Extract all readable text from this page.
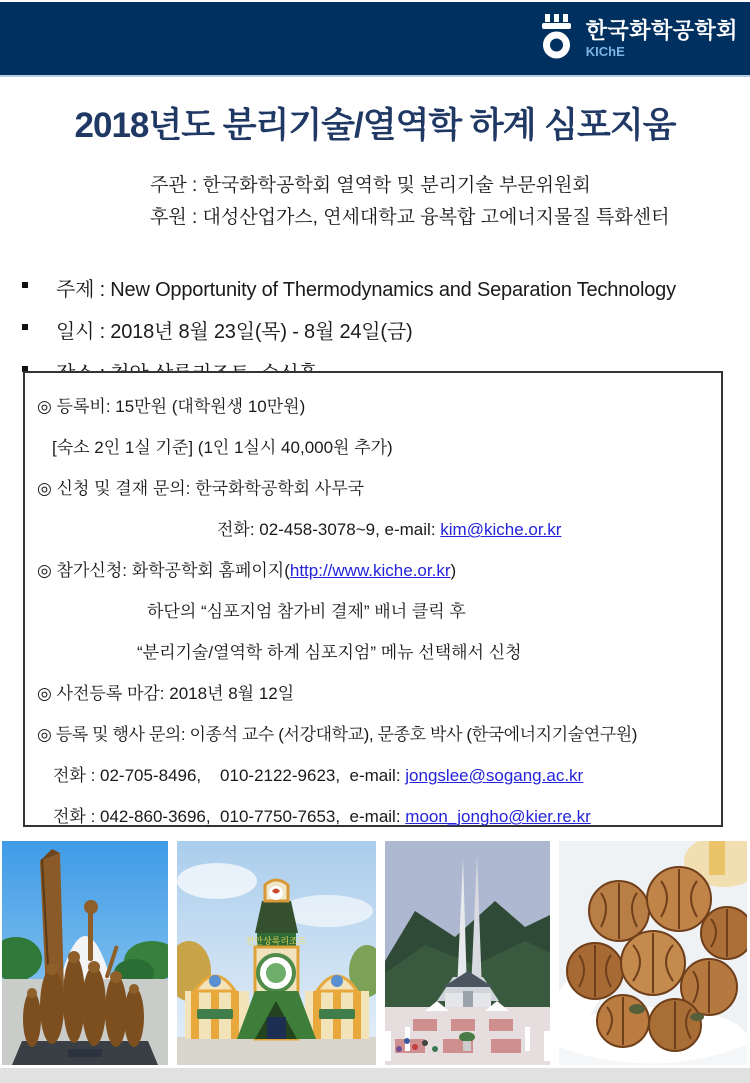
한국화학공학회
KIChE
2018년도 분리기술/열역학 하계 심포지움
주관 : 한국화학공학회 열역학 및 분리기술 부문위원회
후원 : 대성산업가스, 연세대학교 융복합 고에너지물질 특화센터
주제 : New Opportunity of Thermodynamics and Separation Technology
일시 : 2018년 8월 23일(목) - 8월 24일(금)

◎ 등록비: 15만원 (대학원생 10만원)

[숙소 2인 1실 기준] (1인 1실시 40,000원 추가)

◎ 신청 및 결재 문의: 한국화학공학회 사무국

전화: 02-458-3078~9, e-mail: kim@kiche.or.kr

◎ 참가신청: 화학공학회 홈페이지(http://www.kiche.or.kr)

하단의 “심포지엄 참가비 결제” 배너 클릭 후

“분리기술/열역학 하계 심포지엄” 메뉴 선택해서 신청

◎ 사전등록 마감: 2018년 8월 12일

◎ 등록 및 행사 문의: 이종석 교수 (서강대학교), 문종호 박사 (한국에너지기술연구원)

전화 : 02-705-8496,    010-2122-9623,  e-mail: jongslee@sogang.ac.kr

전화 : 042-860-3696,  010-7750-7653,  e-mail: moon_jongho@kier.re.kr

천안상록리조트
